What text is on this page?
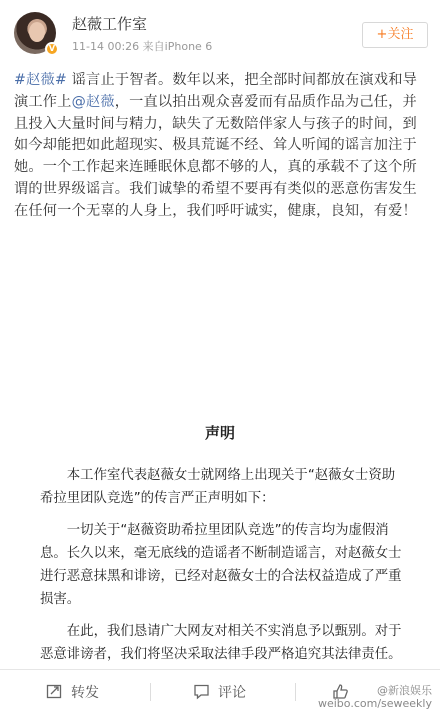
V
赵薇工作室
11-14 00:26 来自iPhone 6
+关注
#赵薇# 谣言止于智者。数年以来，把全部时间都放在演戏和导演工作上@赵薇，一直以拍出观众喜爱而有品质作品为己任，并且投入大量时间与精力，缺失了无数陪伴家人与孩子的时间，到如今却能把如此超现实、极具荒诞不经、耸人听闻的谣言加注于她。一个工作起来连睡眠休息都不够的人，真的承载不了这个所谓的世界级谣言。我们诚挚的希望不要再有类似的恶意伤害发生在任何一个无辜的人身上，我们呼吁诚实，健康，良知，有爱！
声明

本工作室代表赵薇女士就网络上出现关于“赵薇女士资助希拉里团队竞选”的传言严正声明如下：

一切关于“赵薇资助希拉里团队竞选”的传言均为虚假消息。长久以来，毫无底线的造谣者不断制造谣言，对赵薇女士进行恶意抹黑和诽谤，已经对赵薇女士的合法权益造成了严重损害。

在此，我们恳请广大网友对相关不实消息予以甄别。对于恶意诽谤者，我们将坚决采取法律手段严格追究其法律责任。

转发	评论	@新浪娱乐
weibo.com/seweekly
